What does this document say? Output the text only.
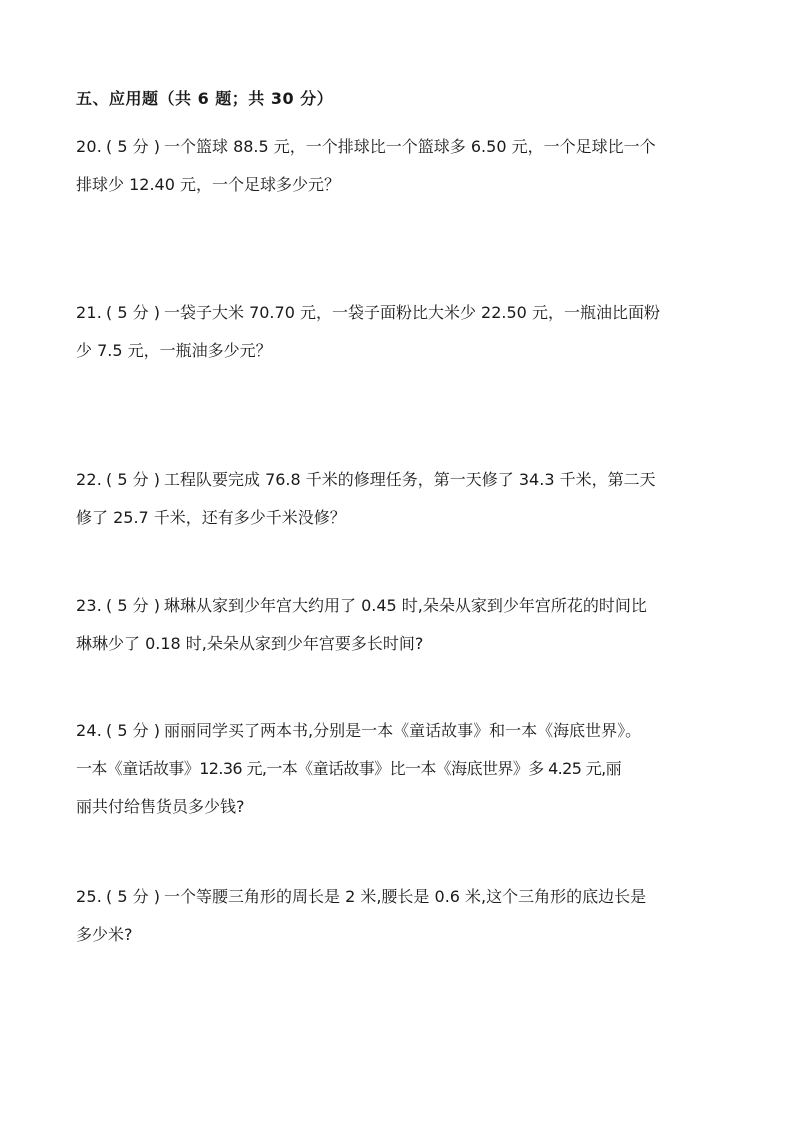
五、应用题（共 6 题；共 30 分）

20. ( 5 分 ) 一个篮球 88.5 元，一个排球比一个篮球多 6.50 元，一个足球比一个

排球少 12.40 元，一个足球多少元？

21. ( 5 分 ) 一袋子大米 70.70 元，一袋子面粉比大米少 22.50 元，一瓶油比面粉

少 7.5 元，一瓶油多少元？

22. ( 5 分 ) 工程队要完成 76.8 千米的修理任务，第一天修了 34.3 千米，第二天

修了 25.7 千米，还有多少千米没修？

23. ( 5 分 ) 琳琳从家到少年宫大约用了 0.45 时,朵朵从家到少年宫所花的时间比

琳琳少了 0.18 时,朵朵从家到少年宫要多长时间?

24. ( 5 分 ) 丽丽同学买了两本书,分别是一本《童话故事》和一本《海底世界》。

一本《童话故事》12.36 元,一本《童话故事》比一本《海底世界》多 4.25 元,丽

丽共付给售货员多少钱?

25. ( 5 分 ) 一个等腰三角形的周长是 2 米,腰长是 0.6 米,这个三角形的底边长是

多少米?
